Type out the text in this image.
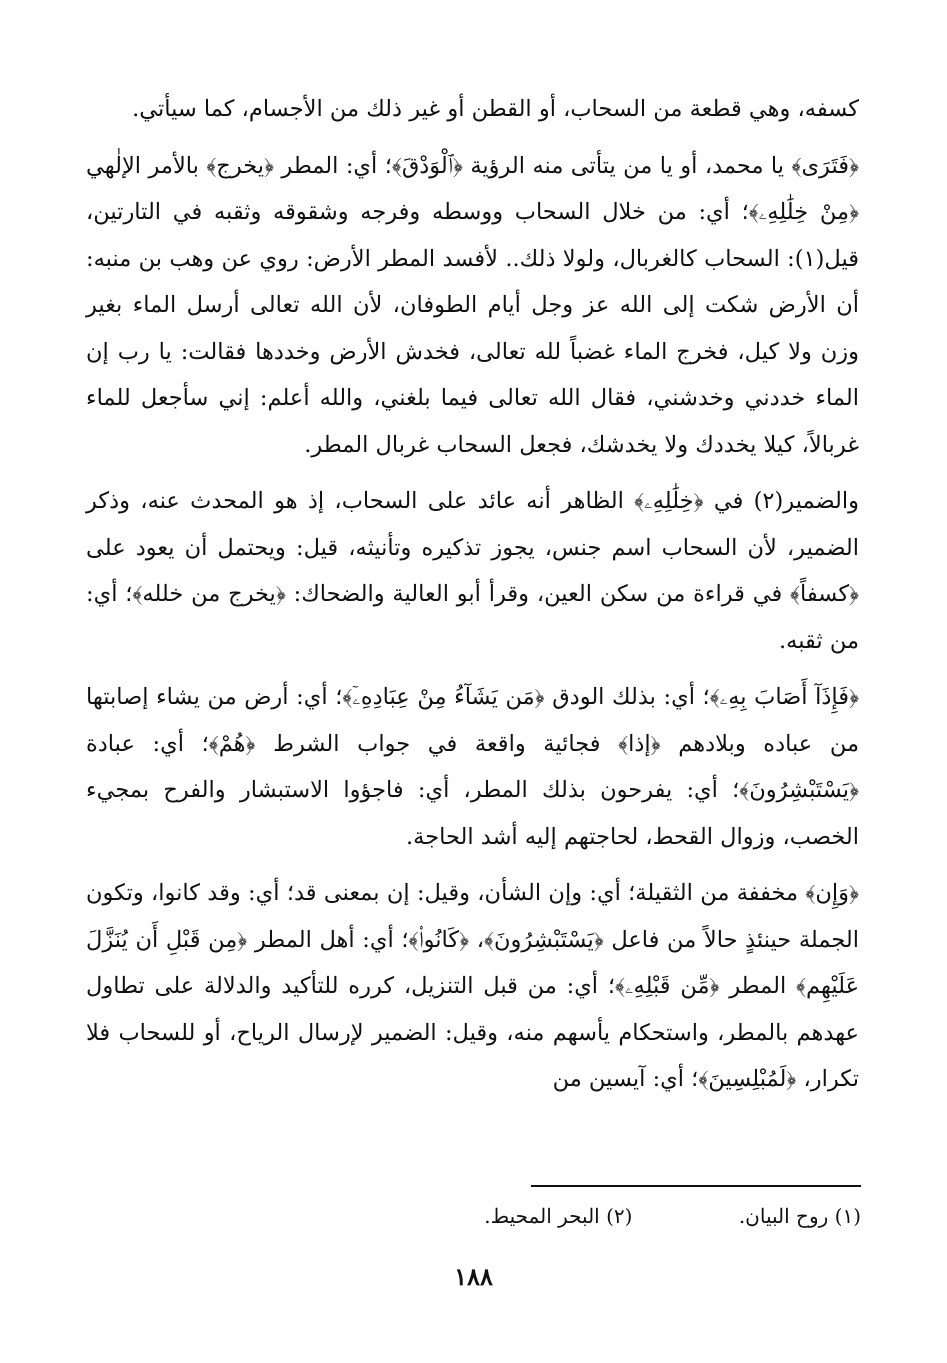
كسفه، وهي قطعة من السحاب، أو القطن أو غير ذلك من الأجسام، كما سيأتي.

﴿فَتَرَى﴾ يا محمد، أو يا من يتأتى منه الرؤية ﴿ٱلْوَدْقَ﴾؛ أي: المطر ﴿يخرج﴾ بالأمر الإلٰهي ﴿مِنْ خِلَٰلِهِۦ﴾؛ أي: من خلال السحاب ووسطه وفرجه وشقوقه وثقبه في التارتين، قيل(١): السحاب كالغربال، ولولا ذلك.. لأفسد المطر الأرض: روي عن وهب بن منبه: أن الأرض شكت إلى الله عز وجل أيام الطوفان، لأن الله تعالى أرسل الماء بغير وزن ولا كيل، فخرج الماء غضباً لله تعالى، فخدش الأرض وخددها فقالت: يا رب إن الماء خددني وخدشني، فقال الله تعالى فيما بلغني، والله أعلم: إني سأجعل للماء غربالاً، كيلا يخددك ولا يخدشك، فجعل السحاب غربال المطر.

والضمير(٢) في ﴿خِلَٰلِهِۦ﴾ الظاهر أنه عائد على السحاب، إذ هو المحدث عنه، وذكر الضمير، لأن السحاب اسم جنس، يجوز تذكيره وتأنيثه، قيل: ويحتمل أن يعود على ﴿كسفاً﴾ في قراءة من سكن العين، وقرأ أبو العالية والضحاك: ﴿يخرج من خلله﴾؛ أي: من ثقبه.

﴿فَإِذَآ أَصَابَ بِهِۦ﴾؛ أي: بذلك الودق ﴿مَن يَشَآءُ مِنْ عِبَادِهِۦٓ﴾؛ أي: أرض من يشاء إصابتها من عباده وبلادهم ﴿إذا﴾ فجائية واقعة في جواب الشرط ﴿هُمْ﴾؛ أي: عبادة ﴿يَسْتَبْشِرُونَ﴾؛ أي: يفرحون بذلك المطر، أي: فاجؤوا الاستبشار والفرح بمجيء الخصب، وزوال القحط، لحاجتهم إليه أشد الحاجة.

﴿وَإِن﴾ مخففة من الثقيلة؛ أي: وإن الشأن، وقيل: إن بمعنى قد؛ أي: وقد كانوا، وتكون الجملة حينئذٍ حالاً من فاعل ﴿يَسْتَبْشِرُونَ﴾، ﴿كَانُوا۟﴾؛ أي: أهل المطر ﴿مِن قَبْلِ أَن يُنَزَّلَ عَلَيْهِم﴾ المطر ﴿مِّن قَبْلِهِۦ﴾؛ أي: من قبل التنزيل، كرره للتأكيد والدلالة على تطاول عهدهم بالمطر، واستحكام يأسهم منه، وقيل: الضمير لإرسال الرياح، أو للسحاب فلا تكرار، ﴿لَمُبْلِسِينَ﴾؛ أي: آيسين من

(١) روح البيان. (٢) البحر المحيط.
١٨٨
